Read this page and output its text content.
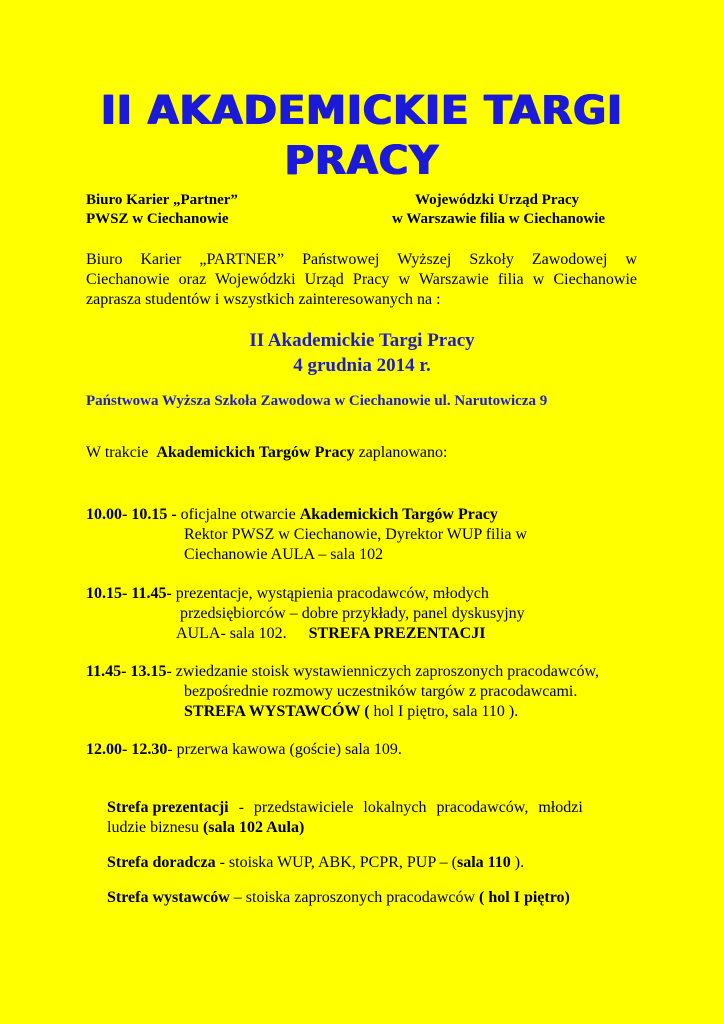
II AKADEMICKIE TARGI
PRACY
Biuro Karier „Partner”
PWSZ w Ciechanowie
Wojewódzki Urząd Pracy
w Warszawie filia w Ciechanowie
Biuro Karier „PARTNER” Państwowej Wyższej Szkoły Zawodowej w
Ciechanowie oraz Wojewódzki Urząd Pracy w Warszawie filia w Ciechanowie
zaprasza studentów i wszystkich zainteresowanych na :
II Akademickie Targi Pracy
4 grudnia 2014 r.
Państwowa Wyższa Szkoła Zawodowa w Ciechanowie ul. Narutowicza 9
W trakcie Akademickich Targów Pracy zaplanowano:
10.00- 10.15 - oficjalne otwarcie Akademickich Targów Pracy
Rektor PWSZ w Ciechanowie, Dyrektor WUP filia w
Ciechanowie AULA – sala 102
10.15- 11.45- prezentacje, wystąpienia pracodawców, młodych
przedsiębiorców – dobre przykłady, panel dyskusyjny
AULA- sala 102. STREFA PREZENTACJI
11.45- 13.15- zwiedzanie stoisk wystawienniczych zaproszonych pracodawców,
bezpośrednie rozmowy uczestników targów z pracodawcami.
STREFA WYSTAWCÓW ( hol I piętro, sala 110 ).
12.00- 12.30- przerwa kawowa (goście) sala 109.
Strefa prezentacji - przedstawiciele lokalnych pracodawców, młodzi
ludzie biznesu (sala 102 Aula)
Strefa doradcza - stoiska WUP, ABK, PCPR, PUP – (sala 110 ).
Strefa wystawców – stoiska zaproszonych pracodawców ( hol I piętro)
